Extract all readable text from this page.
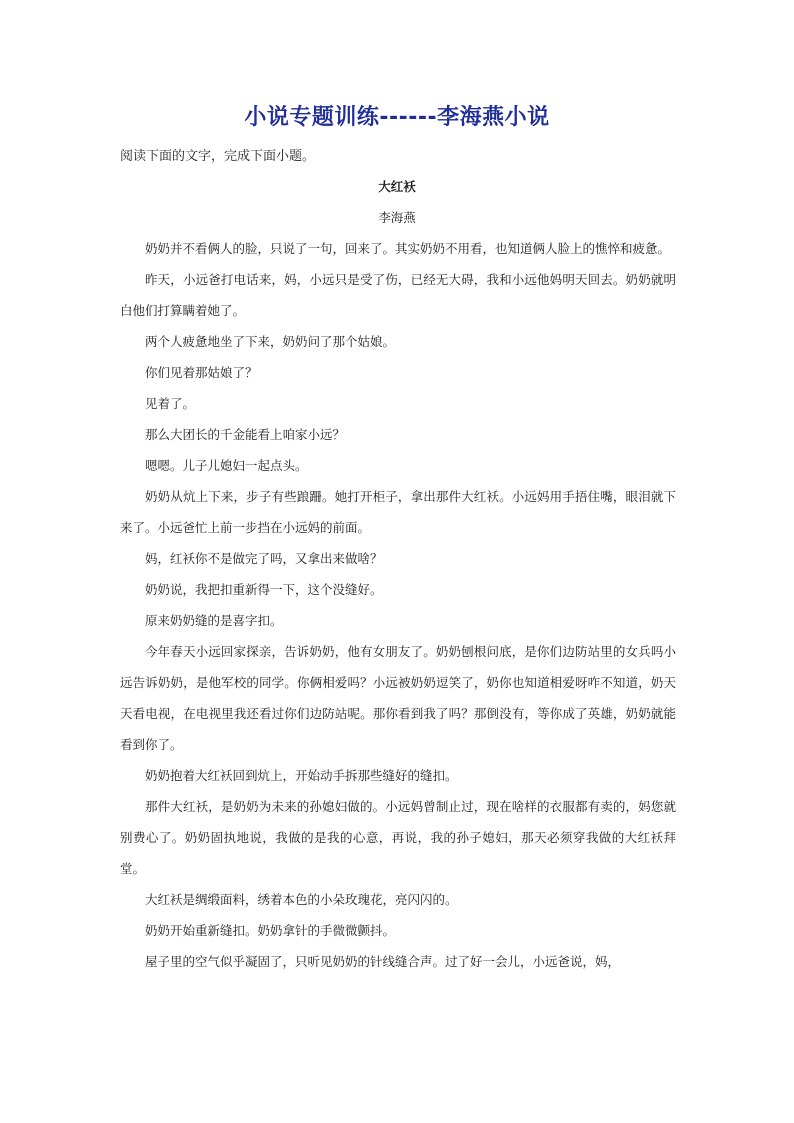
小说专题训练------李海燕小说

阅读下面的文字，完成下面小题。

大红袄

李海燕

奶奶并不看俩人的脸，只说了一句，回来了。其实奶奶不用看，也知道俩人脸上的憔悴和疲惫。

昨天，小远爸打电话来，妈，小远只是受了伤，已经无大碍，我和小远他妈明天回去。奶奶就明白他们打算瞒着她了。

两个人疲惫地坐了下来，奶奶问了那个姑娘。

你们见着那姑娘了？

见着了。

那么大团长的千金能看上咱家小远？

嗯嗯。儿子儿媳妇一起点头。

奶奶从炕上下来，步子有些踉跚。她打开柜子，拿出那件大红袄。小远妈用手捂住嘴，眼泪就下来了。小远爸忙上前一步挡在小远妈的前面。

妈，红袄你不是做完了吗，又拿出来做啥？

奶奶说，我把扣重新得一下，这个没缝好。

原来奶奶缝的是喜字扣。

今年春天小远回家探亲，告诉奶奶，他有女朋友了。奶奶刨根问底，是你们边防站里的女兵吗小远告诉奶奶，是他军校的同学。你俩相爱吗？小远被奶奶逗笑了，奶你也知道相爱呀咋不知道，奶天天看电视，在电视里我还看过你们边防站呢。那你看到我了吗？那倒没有，等你成了英雄，奶奶就能看到你了。

奶奶抱着大红袄回到炕上，开始动手拆那些缝好的缝扣。

那件大红袄，是奶奶为未来的孙媳妇做的。小远妈曾制止过，现在啥样的衣服都有卖的，妈您就别费心了。奶奶固执地说，我做的是我的心意，再说，我的孙子媳妇，那天必须穿我做的大红袄拜堂。

大红袄是绸缎面料，绣着本色的小朵玫瑰花，亮闪闪的。

奶奶开始重新缝扣。奶奶拿针的手微微颤抖。

屋子里的空气似乎凝固了，只听见奶奶的针线缝合声。过了好一会儿，小远爸说，妈，
